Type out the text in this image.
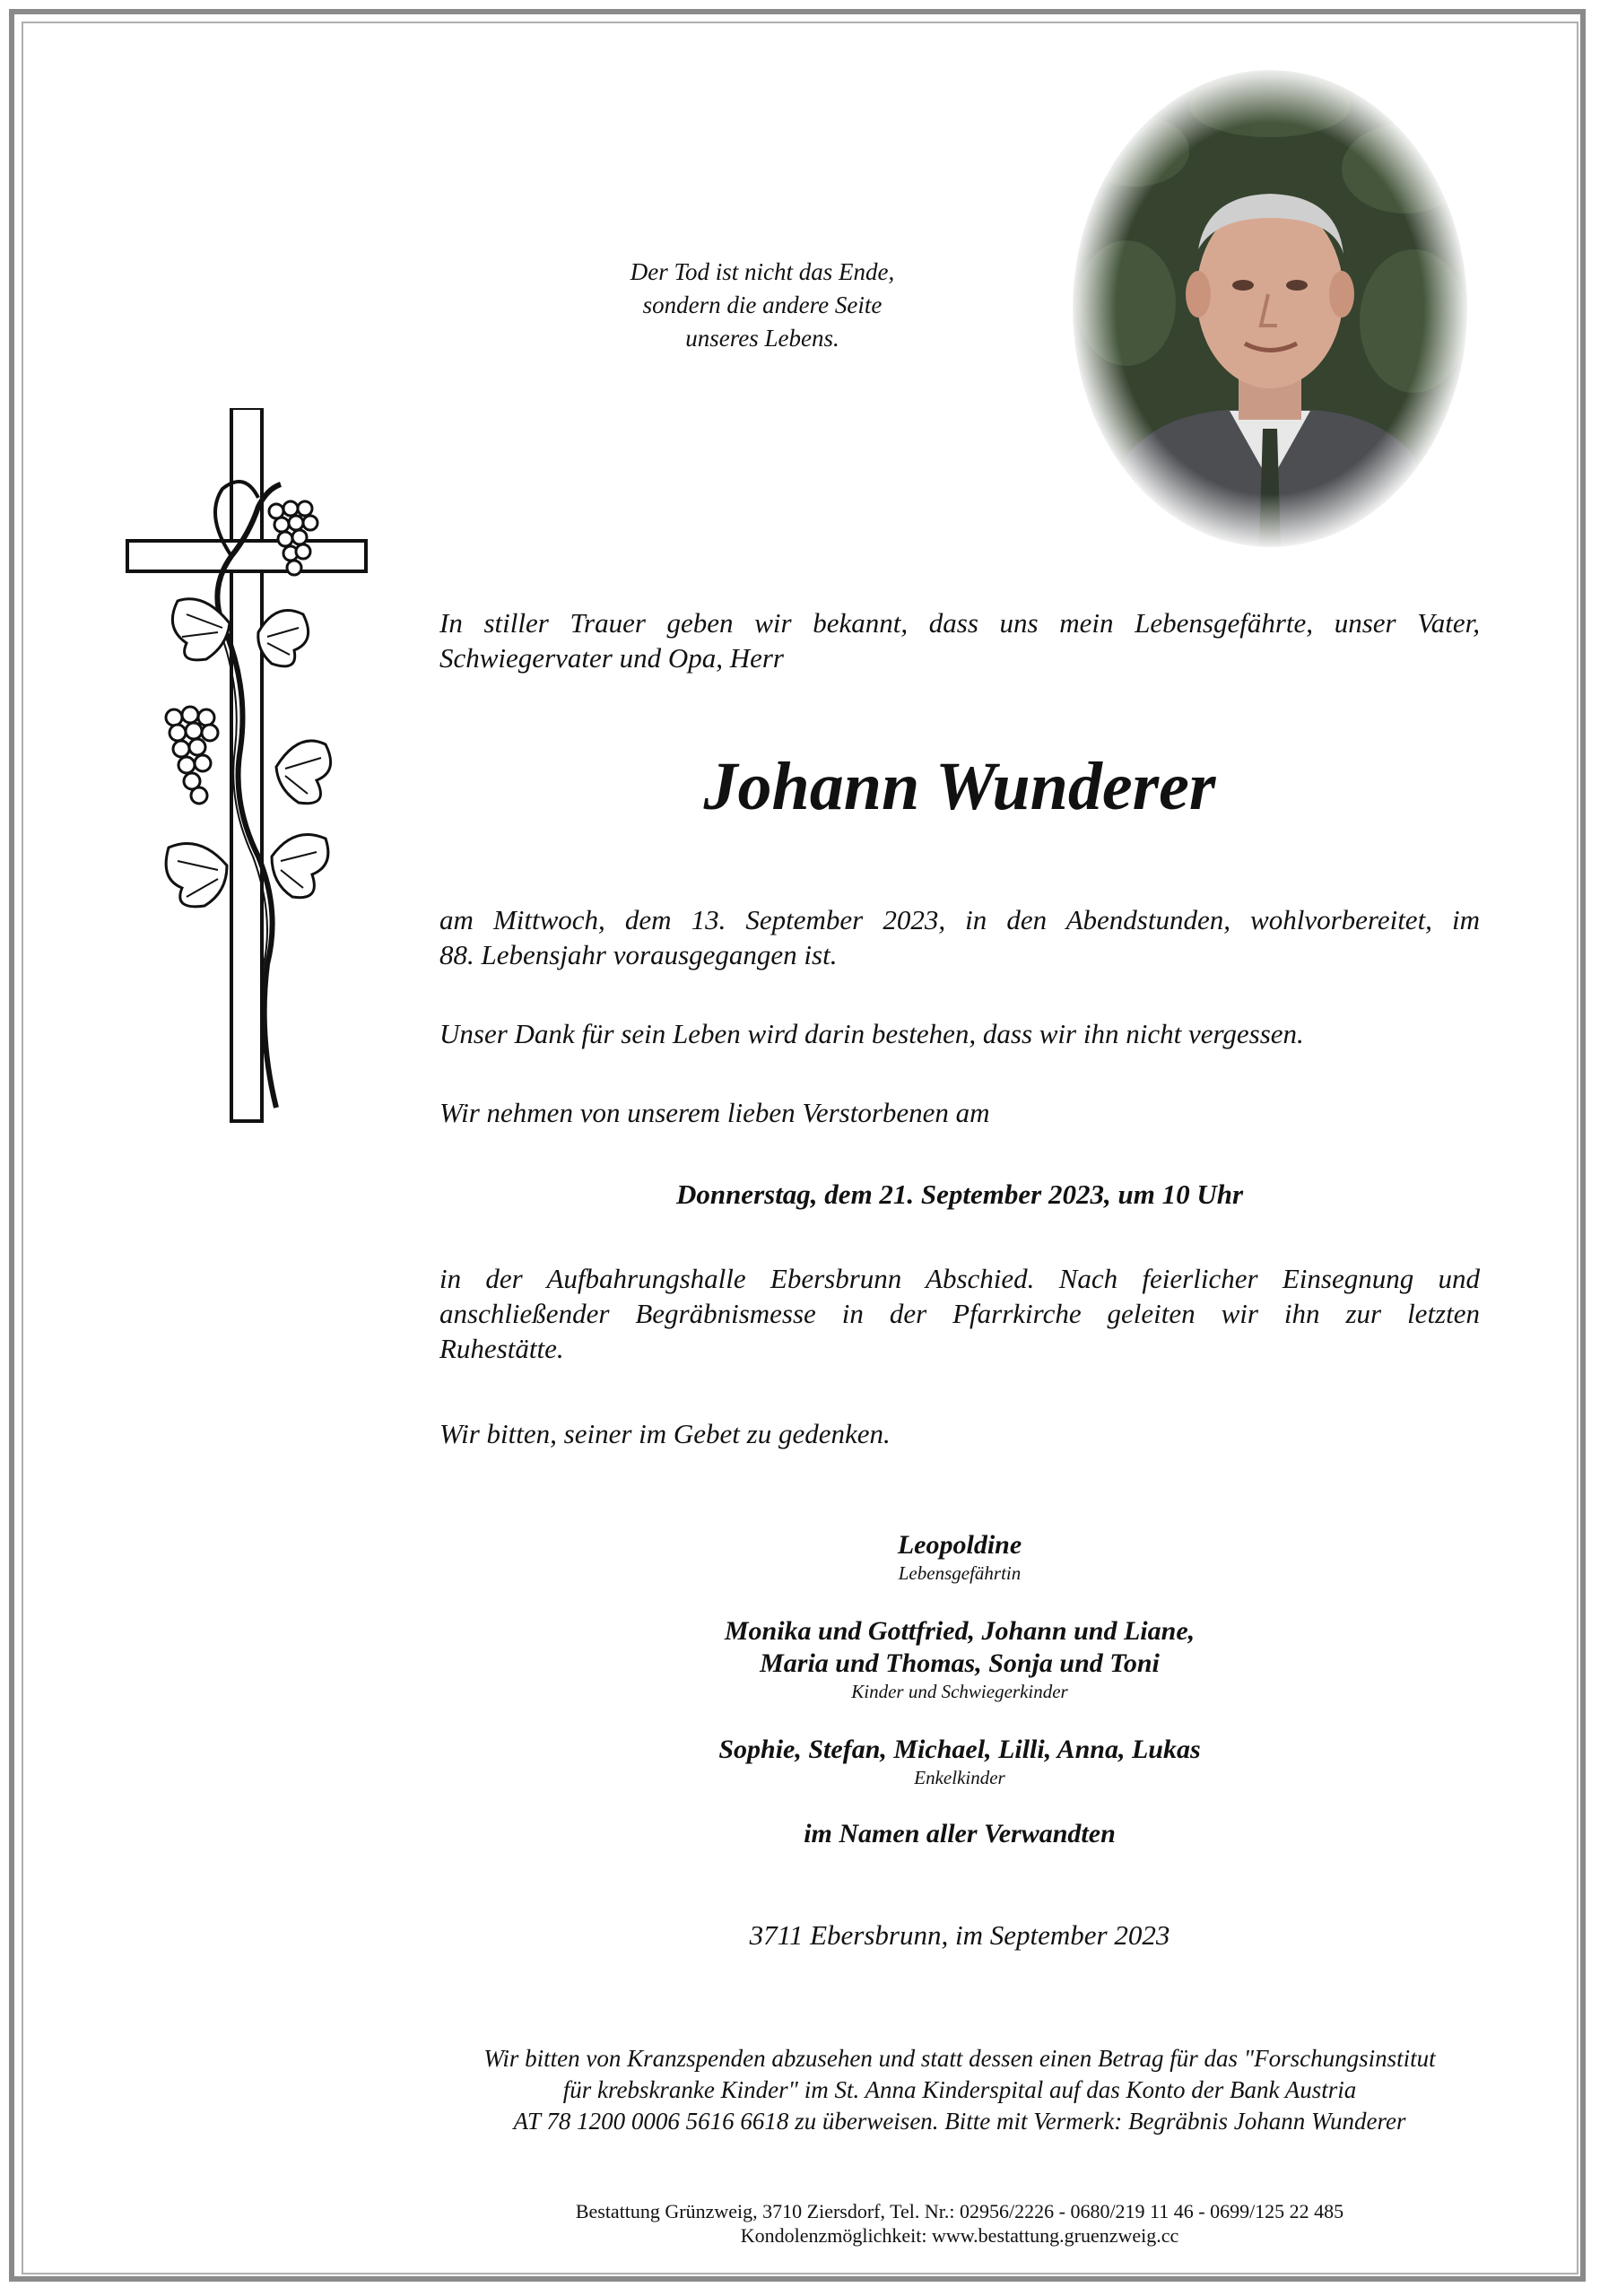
Der Tod ist nicht das Ende,
sondern die andere Seite
unseres Lebens.
In stiller Trauer geben wir bekannt, dass uns mein Lebensgefährte, unser Vater,
Schwiegervater und Opa, Herr
Johann Wunderer
am Mittwoch, dem 13. September 2023, in den Abendstunden, wohlvorbereitet, im
88. Lebensjahr vorausgegangen ist.
Unser Dank für sein Leben wird darin bestehen, dass wir ihn nicht vergessen.
Wir nehmen von unserem lieben Verstorbenen am
Donnerstag, dem 21. September 2023, um 10 Uhr
in der Aufbahrungshalle Ebersbrunn Abschied. Nach feierlicher Einsegnung und
anschließender Begräbnismesse in der Pfarrkirche geleiten wir ihn zur letzten
Ruhestätte.
Wir bitten, seiner im Gebet zu gedenken.
Leopoldine
Lebensgefährtin
Monika und Gottfried, Johann und Liane,
Maria und Thomas, Sonja und Toni
Kinder und Schwiegerkinder
Sophie, Stefan, Michael, Lilli, Anna, Lukas
Enkelkinder
im Namen aller Verwandten
3711 Ebersbrunn, im September 2023
Wir bitten von Kranzspenden abzusehen und statt dessen einen Betrag für das "Forschungsinstitut
für krebskranke Kinder" im St. Anna Kinderspital auf das Konto der Bank Austria
AT 78 1200 0006 5616 6618 zu überweisen. Bitte mit Vermerk: Begräbnis Johann Wunderer
Bestattung Grünzweig, 3710 Ziersdorf, Tel. Nr.: 02956/2226 - 0680/219 11 46 - 0699/125 22 485
Kondolenzmöglichkeit: www.bestattung.gruenzweig.cc
